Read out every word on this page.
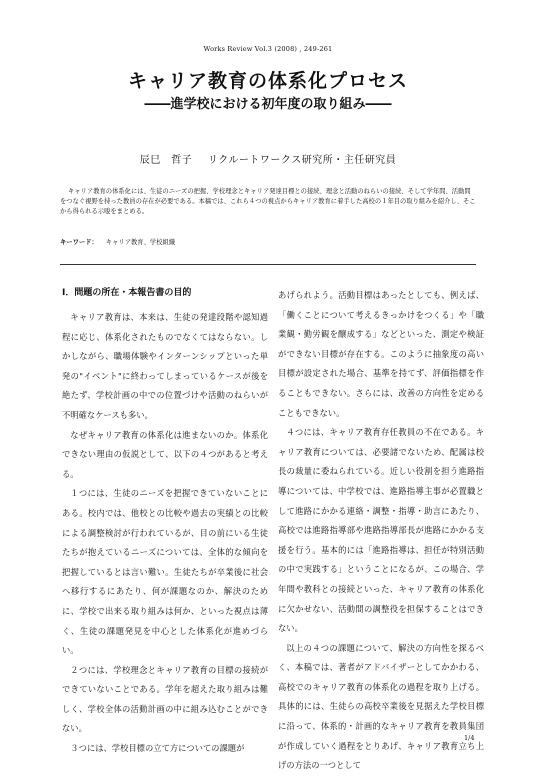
Works Review Vol.3 (2008) , 249-261
キャリア教育の体系化プロセス
――進学校における初年度の取り組み――
辰巳　哲子 リクルートワークス研究所・主任研究員
キャリア教育の体系化には、生徒のニーズの把握、学校理念とキャリア発達目標との接続、理念と活動のねらいの接続、そして学年間、活動間をつなぐ視野を持った教員の存在が必要である。本稿では、これら４つの視点からキャリア教育に着手した高校の１年目の取り組みを紹介し、そこから得られる示唆をまとめる。
キーワード： キャリア教育、学校組織
Ⅰ．問題の所在・本報告書の目的

キャリア教育は、本来は、生徒の発達段階や認知過程に応じ、体系化されたものでなくてはならない。しかしながら、職場体験やインターンシップといった単発の"イベント"に終わってしまっているケースが後を絶たず、学校計画の中での位置づけや活動のねらいが不明確なケースも多い。

なぜキャリア教育の体系化は進まないのか。体系化できない理由の仮説として、以下の４つがあると考える。

１つには、生徒のニーズを把握できていないことにある。校内では、他校との比較や過去の実績との比較による調整検討が行われているが、目の前にいる生徒たちが抱えているニーズについては、全体的な傾向を把握しているとは言い難い。生徒たちが卒業後に社会へ移行するにあたり、何が課題なのか、解決のために、学校で出来る取り組みは何か、といった視点は薄く、生徒の課題発見を中心とした体系化が進めづらい。

２つには、学校理念とキャリア教育の目標の接続ができていないことである。学年を超えた取り組みは難しく、学校全体の活動計画の中に組み込むことができない。

３つには、学校目標の立て方についての課題が

あげられよう。活動目標はあったとしても、例えば、「働くことについて考えるきっかけをつくる」や「職業観・勤労観を醸成する」などといった、測定や検証ができない目標が存在する。このように抽象度の高い目標が設定された場合、基準を持てず、評価指標を作ることもできない。さらには、改善の方向性を定めることもできない。

４つには、キャリア教育存任教員の不在である。キャリア教育については、必要諸でないため、配属は校長の裁量に委ねられている。近しい役割を担う進路指導については、中学校では、進路指導主事が必置職として進路にかかる連絡・調整・指導・助言にあたり、高校では進路指導部や進路指導部長が進路にかかる支援を行う。基本的には「進路指導は、担任が特別活動の中で実践する」ということになるが、この場合、学年間や教科との接続といった、キャリア教育の体系化に欠かせない、活動間の調整役を担保することはできない。

以上の４つの課題について、解決の方向性を探るべく、本稿では、著者がアドバイザーとしてかかわる、高校でのキャリア教育の体系化の過程を取り上げる。具体的には、生徒らの高校卒業後を見据えた学校目標に沿って、体系的・計画的なキャリア教育を教員集団が作成していく過程をとりあげ、キャリア教育立ち上げの方法の一つとして

1/4
